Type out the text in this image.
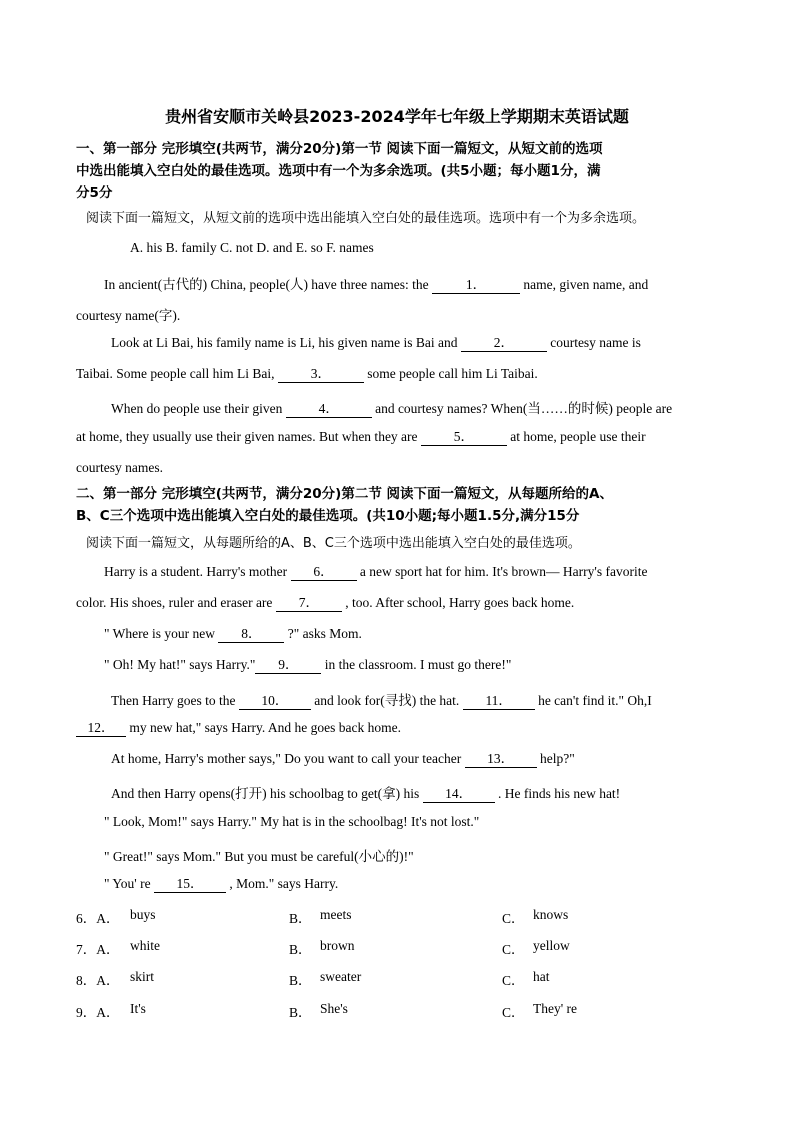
贵州省安顺市关岭县2023-2024学年七年级上学期期末英语试题
一、第一部分 完形填空(共两节，满分20分)第一节 阅读下面一篇短文，从短文前的选项
中选出能填入空白处的最佳选项。选项中有一个为多余选项。(共5小题；每小题1分，满
分5分
阅读下面一篇短文，从短文前的选项中选出能填入空白处的最佳选项。选项中有一个为多余选项。
A. his B. family C. not D. and E. so F. names
In ancient(古代的) China, people(人) have three names: the	1．	name, given name, and
courtesy name(字).
Look at Li Bai, his family name is Li, his given name is Bai and	2．	courtesy name is
Taibai. Some people call him Li Bai,	3．	some people call him Li Taibai.
When do people use their given	4．	and courtesy names? When(当……的时候) people are
at home, they usually use their given names. But when they are	5．	at home, people use their
courtesy names.
二、第一部分 完形填空(共两节，满分20分)第二节 阅读下面一篇短文，从每题所给的A、
B、C三个选项中选出能填入空白处的最佳选项。(共10小题;每小题1.5分,满分15分
阅读下面一篇短文，从每题所给的A、B、C三个选项中选出能填入空白处的最佳选项。
Harry is a student. Harry's mother 6． a new sport hat for him. It's brown— Harry's favorite
color. His shoes, ruler and eraser are 7． , too. After school, Harry goes back home.
" Where is your new 8． ?" asks Mom.
" Oh! My hat!" says Harry." 9． in the classroom. I must go there!"
Then Harry goes to the 10． and look for(寻找) the hat. 11． he can't find it." Oh,I
12． my new hat," says Harry. And he goes back home.
At home, Harry's mother says," Do you want to call your teacher 13． help?"
And then Harry opens(打开) his schoolbag to get(拿) his 14． . He finds his new hat!
" Look, Mom!" says Harry." My hat is in the schoolbag! It's not lost."
" Great!" says Mom." But you must be careful(小心的)!"
" You' re 15． , Mom." says Harry.
6．A． buys	B． meets	C． knows
7．A． white	B． brown	C． yellow
8．A． skirt	B． sweater	C． hat
9．A． It's	B． She's	C． They' re
